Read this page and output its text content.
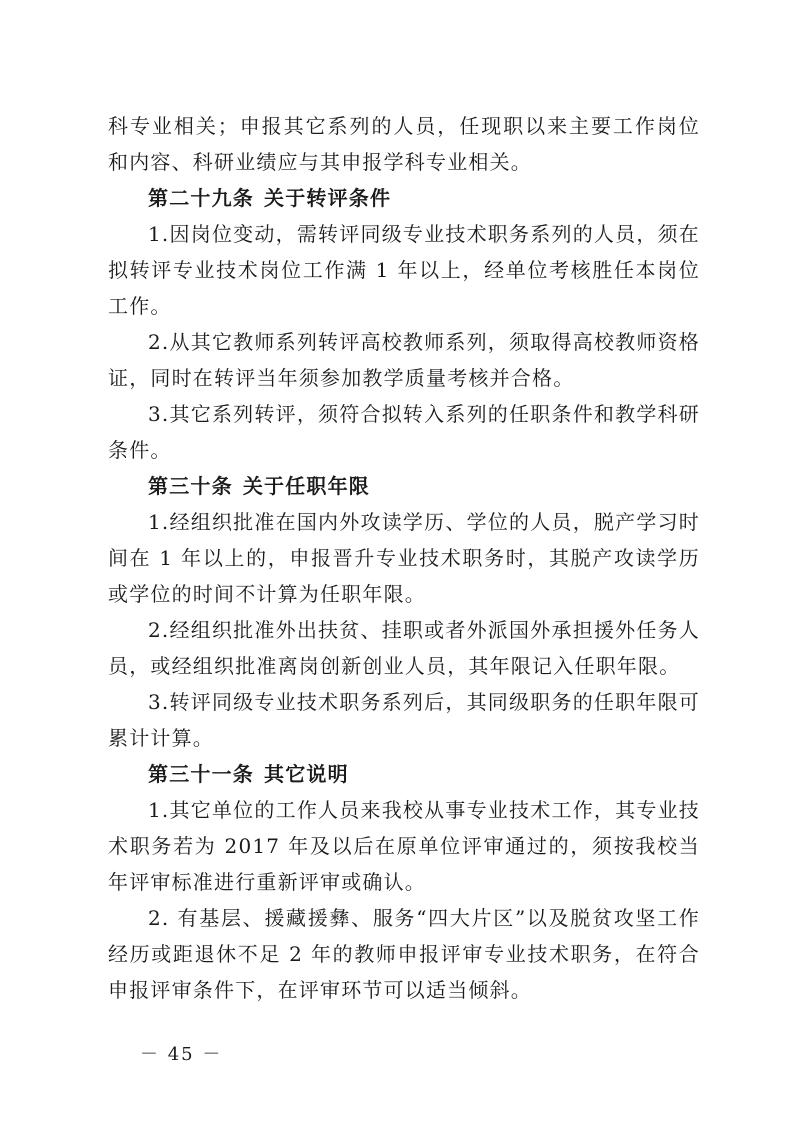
科专业相关；申报其它系列的人员，任现职以来主要工作岗位和内容、科研业绩应与其申报学科专业相关。

第二十九条 关于转评条件

1.因岗位变动，需转评同级专业技术职务系列的人员，须在拟转评专业技术岗位工作满 1 年以上，经单位考核胜任本岗位工作。

2.从其它教师系列转评高校教师系列，须取得高校教师资格证，同时在转评当年须参加教学质量考核并合格。

3.其它系列转评，须符合拟转入系列的任职条件和教学科研条件。

第三十条 关于任职年限

1.经组织批准在国内外攻读学历、学位的人员，脱产学习时间在 1 年以上的，申报晋升专业技术职务时，其脱产攻读学历或学位的时间不计算为任职年限。

2.经组织批准外出扶贫、挂职或者外派国外承担援外任务人员，或经组织批准离岗创新创业人员，其年限记入任职年限。

3.转评同级专业技术职务系列后，其同级职务的任职年限可累计计算。

第三十一条 其它说明

1.其它单位的工作人员来我校从事专业技术工作，其专业技术职务若为 2017 年及以后在原单位评审通过的，须按我校当年评审标准进行重新评审或确认。

2. 有基层、援藏援彝、服务“四大片区”以及脱贫攻坚工作经历或距退休不足 2 年的教师申报评审专业技术职务，在符合申报评审条件下，在评审环节可以适当倾斜。

－ 45 －
